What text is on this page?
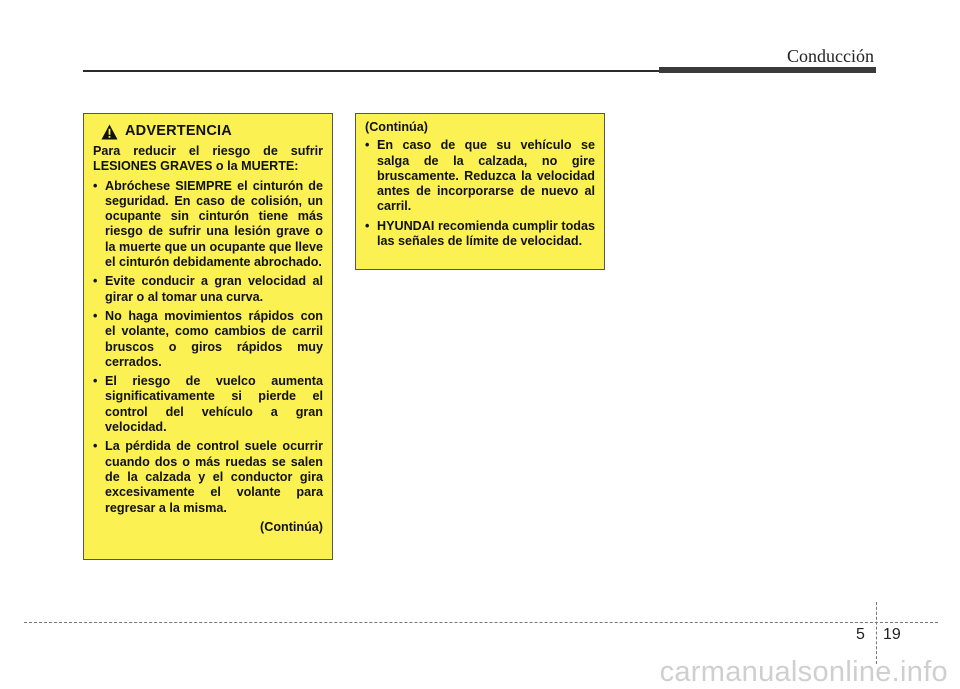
Conducción
ADVERTENCIA

Para reducir el riesgo de sufrir LESIONES GRAVES o la MUERTE:

• Abróchese SIEMPRE el cinturón de seguridad. En caso de colisión, un ocupante sin cinturón tiene más riesgo de sufrir una lesión grave o la muerte que un ocupante que lleve el cinturón debidamente abrochado.
• Evite conducir a gran velocidad al girar o al tomar una curva.
• No haga movimientos rápidos con el volante, como cambios de carril bruscos o giros rápidos muy cerrados.
• El riesgo de vuelco aumenta significativamente si pierde el control del vehículo a gran velocidad.
• La pérdida de control suele ocurrir cuando dos o más ruedas se salen de la calzada y el conductor gira excesivamente el volante para regresar a la misma.
(Continúa)
(Continúa)
• En caso de que su vehículo se salga de la calzada, no gire bruscamente. Reduzca la velocidad antes de incorporarse de nuevo al carril.
• HYUNDAI recomienda cumplir todas las señales de límite de velocidad.
5 19
carmanualsonline.info
